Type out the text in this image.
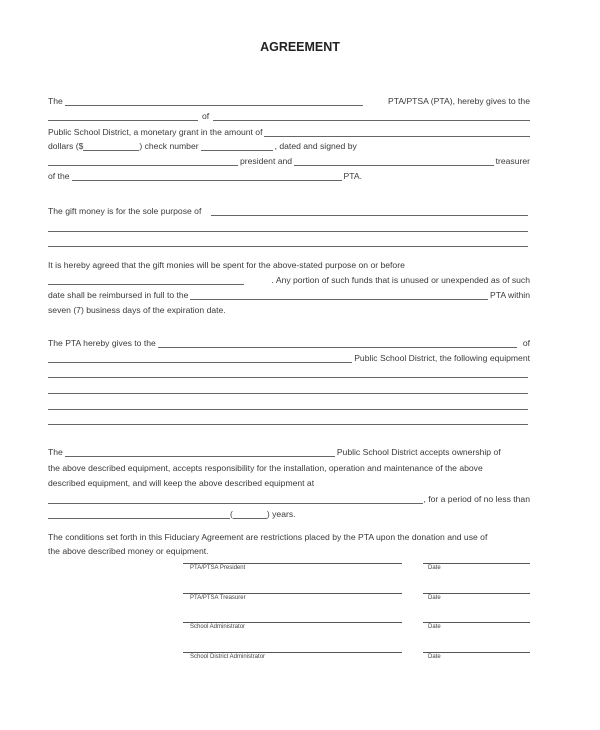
AGREEMENT
The	PTA/PTSA (PTA), hereby gives to the
of
Public School District, a monetary grant in the amount of
dollars ($	) check number	, dated and signed by
president and	treasurer
of the	PTA.
The gift money is for the sole purpose of
It is hereby agreed that the gift monies will be spent for the above-stated purpose on or before
. Any portion of such funds that is unused or unexpended as of such
date shall be reimbursed in full to the	PTA within
seven (7) business days of the expiration date.
The PTA hereby gives to the	of
Public School District, the following equipment
The	Public School District accepts ownership of
the above described equipment, accepts responsibility for the installation, operation and maintenance of the above
described equipment, and will keep the above described equipment at
, for a period of no less than
(	) years.
The conditions set forth in this Fiduciary Agreement are restrictions placed by the PTA upon the donation and use of
the above described money or equipment.
PTA/PTSA President	Date
PTA/PTSA Treasurer	Date
School Administrator	Date
School District Administrator	Date
